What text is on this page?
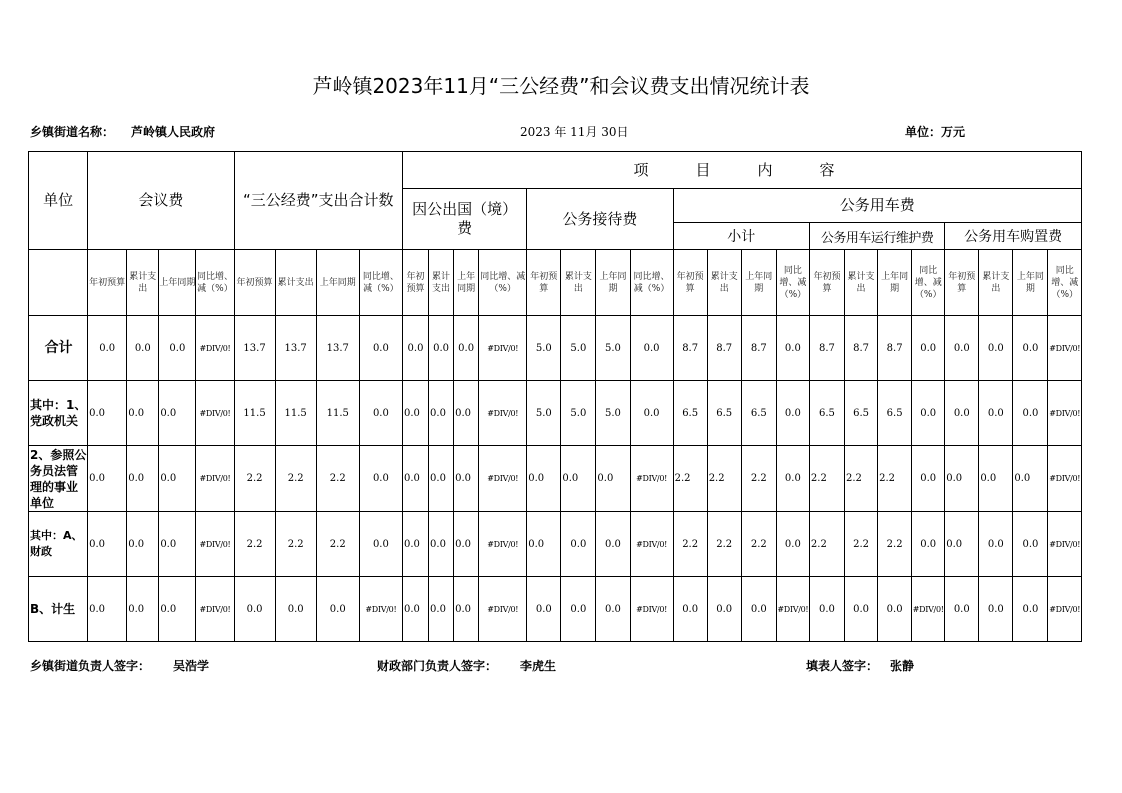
芦岭镇2023年11月“三公经费”和会议费支出情况统计表
乡镇街道名称： 芦岭镇人民政府	2023 年 11月 30日	单位：万元
单位	会议费				“三公经费”支出合计数				项　目　内　容																			
									因公出国（境）费				公务接待费				公务用车费											
																	小计				公务用车运行维护费				公务用车购置费			
	年初预算	累计支出	上年同期	同比增、减（%）	年初预算	累计支出	上年同期	同比增、减（%）	年初预算	累计支出	上年同期	同比增、减（%）	年初预算	累计支出	上年同期	同比增、减（%）	年初预算	累计支出	上年同期	同比增、减（%）	年初预算	累计支出	上年同期	同比增、减（%）	年初预算	累计支出	上年同期	同比增、减（%）
合计	0.0	0.0	0.0	#DIV/0!	13.7	13.7	13.7	0.0	0.0	0.0	0.0	#DIV/0!	5.0	5.0	5.0	0.0	8.7	8.7	8.7	0.0	8.7	8.7	8.7	0.0	0.0	0.0	0.0	#DIV/0!
其中：1、党政机关	0.0	0.0	0.0	#DIV/0!	11.5	11.5	11.5	0.0	0.0	0.0	0.0	#DIV/0!	5.0	5.0	5.0	0.0	6.5	6.5	6.5	0.0	6.5	6.5	6.5	0.0	0.0	0.0	0.0	#DIV/0!
2、参照公务员法管理的事业单位	0.0	0.0	0.0	#DIV/0!	2.2	2.2	2.2	0.0	0.0	0.0	0.0	#DIV/0!	0.0	0.0	0.0	#DIV/0!	2.2	2.2	2.2	0.0	2.2	2.2	2.2	0.0	0.0	0.0	0.0	#DIV/0!
其中：A、财政	0.0	0.0	0.0	#DIV/0!	2.2	2.2	2.2	0.0	0.0	0.0	0.0	#DIV/0!	0.0	0.0	0.0	#DIV/0!	2.2	2.2	2.2	0.0	2.2	2.2	2.2	0.0	0.0	0.0	0.0	#DIV/0!
B、计生	0.0	0.0	0.0	#DIV/0!	0.0	0.0	0.0	#DIV/0!	0.0	0.0	0.0	#DIV/0!	0.0	0.0	0.0	#DIV/0!	0.0	0.0	0.0	#DIV/0!	0.0	0.0	0.0	#DIV/0!	0.0	0.0	0.0	#DIV/0!
乡镇街道负责人签字： 吴浩学	财政部门负责人签字： 李虎生	填表人签字： 张静
